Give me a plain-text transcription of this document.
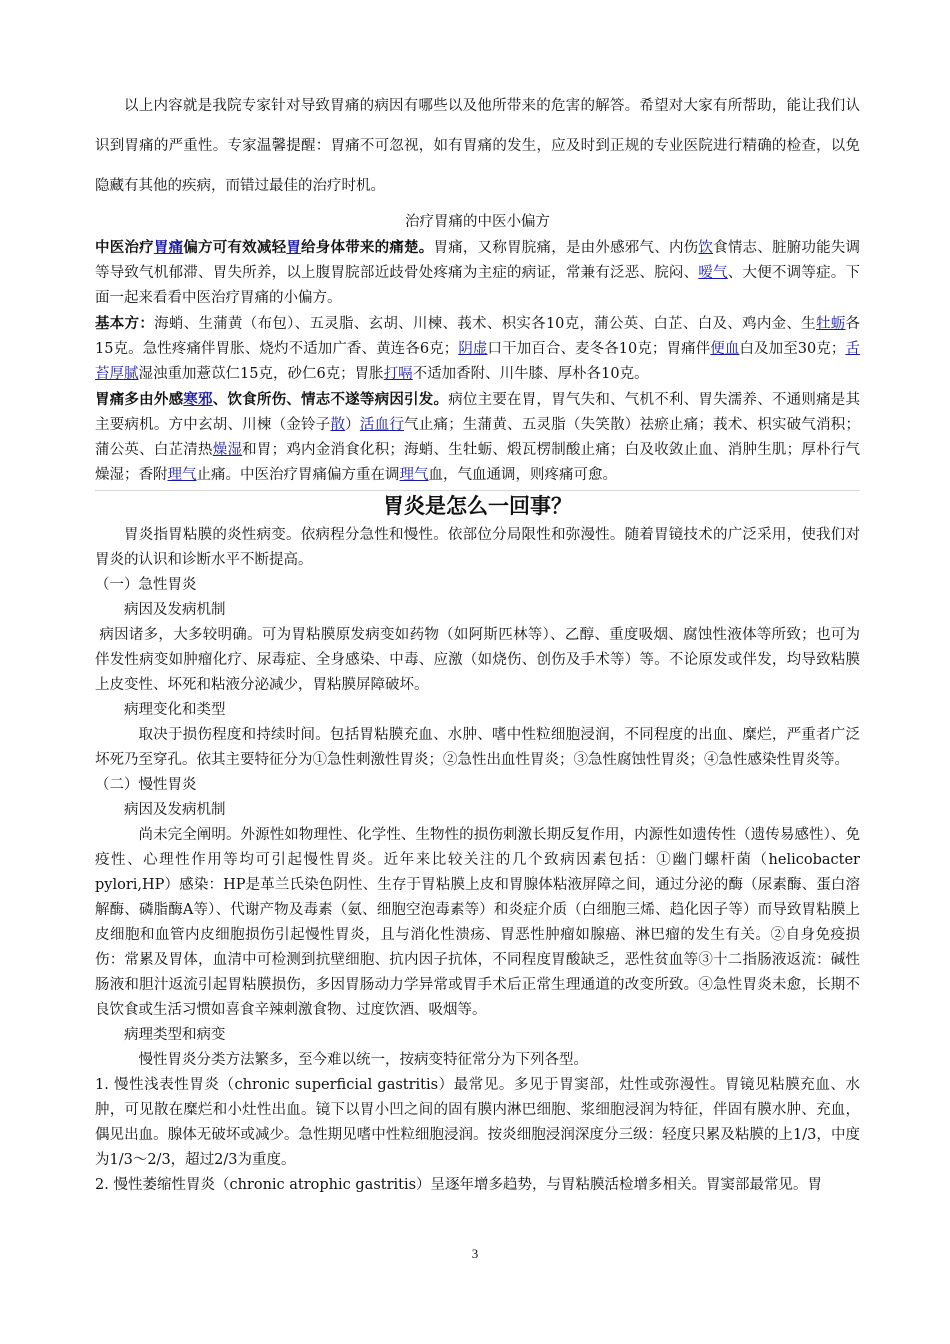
以上内容就是我院专家针对导致胃痛的病因有哪些以及他所带来的危害的解答。希望对大家有所帮助，能让我们认识到胃痛的严重性。专家温馨提醒：胃痛不可忽视，如有胃痛的发生，应及时到正规的专业医院进行精确的检查，以免隐藏有其他的疾病，而错过最佳的治疗时机。

治疗胃痛的中医小偏方

中医治疗胃痛偏方可有效减轻胃给身体带来的痛楚。胃痛，又称胃脘痛，是由外感邪气、内伤饮食情志、脏腑功能失调等导致气机郁滞、胃失所养，以上腹胃脘部近歧骨处疼痛为主症的病证，常兼有泛恶、脘闷、嗳气、大便不调等症。下面一起来看看中医治疗胃痛的小偏方。

基本方：海蛸、生蒲黄（布包）、五灵脂、玄胡、川楝、莪术、枳实各10克，蒲公英、白芷、白及、鸡内金、生牡蛎各15克。急性疼痛伴胃胀、烧灼不适加广香、黄连各6克；阴虚口干加百合、麦冬各10克；胃痛伴便血白及加至30克；舌苔厚腻湿浊重加薏苡仁15克，砂仁6克；胃胀打嗝不适加香附、川牛膝、厚朴各10克。

胃痛多由外感寒邪、饮食所伤、情志不遂等病因引发。病位主要在胃，胃气失和、气机不利、胃失濡养、不通则痛是其主要病机。方中玄胡、川楝（金铃子散）活血行气止痛；生蒲黄、五灵脂（失笑散）祛瘀止痛；莪术、枳实破气消积；蒲公英、白芷清热燥湿和胃；鸡内金消食化积；海蛸、生牡蛎、煅瓦楞制酸止痛；白及收敛止血、消肿生肌；厚朴行气燥湿；香附理气止痛。中医治疗胃痛偏方重在调理气血，气血通调，则疼痛可愈。

胃炎是怎么一回事？

胃炎指胃粘膜的炎性病变。依病程分急性和慢性。依部位分局限性和弥漫性。随着胃镜技术的广泛采用，使我们对胃炎的认识和诊断水平不断提高。

（一）急性胃炎

病因及发病机制

病因诸多，大多较明确。可为胃粘膜原发病变如药物（如阿斯匹林等）、乙醇、重度吸烟、腐蚀性液体等所致；也可为伴发性病变如肿瘤化疗、尿毒症、全身感染、中毒、应激（如烧伤、创伤及手术等）等。不论原发或伴发，均导致粘膜上皮变性、坏死和粘液分泌减少，胃粘膜屏障破坏。

病理变化和类型

取决于损伤程度和持续时间。包括胃粘膜充血、水肿、嗜中性粒细胞浸润，不同程度的出血、糜烂，严重者广泛坏死乃至穿孔。依其主要特征分为①急性刺激性胃炎；②急性出血性胃炎；③急性腐蚀性胃炎；④急性感染性胃炎等。

（二）慢性胃炎

病因及发病机制

尚未完全阐明。外源性如物理性、化学性、生物性的损伤刺激长期反复作用，内源性如遗传性（遗传易感性）、免疫性、心理性作用等均可引起慢性胃炎。近年来比较关注的几个致病因素包括：①幽门螺杆菌（helicobacter pylori,HP）感染：HP是革兰氏染色阴性、生存于胃粘膜上皮和胃腺体粘液屏障之间，通过分泌的酶（尿素酶、蛋白溶解酶、磷脂酶A等）、代谢产物及毒素（氨、细胞空泡毒素等）和炎症介质（白细胞三烯、趋化因子等）而导致胃粘膜上皮细胞和血管内皮细胞损伤引起慢性胃炎，且与消化性溃疡、胃恶性肿瘤如腺癌、淋巴瘤的发生有关。②自身免疫损伤：常累及胃体，血清中可检测到抗壁细胞、抗内因子抗体，不同程度胃酸缺乏，恶性贫血等③十二指肠液返流：碱性肠液和胆汁返流引起胃粘膜损伤，多因胃肠动力学异常或胃手术后正常生理通道的改变所致。④急性胃炎未愈，长期不良饮食或生活习惯如喜食辛辣刺激食物、过度饮酒、吸烟等。

病理类型和病变

慢性胃炎分类方法繁多，至今难以统一，按病变特征常分为下列各型。

1. 慢性浅表性胃炎（chronic superficial gastritis）最常见。多见于胃窦部，灶性或弥漫性。胃镜见粘膜充血、水肿，可见散在糜烂和小灶性出血。镜下以胃小凹之间的固有膜内淋巴细胞、浆细胞浸润为特征，伴固有膜水肿、充血，偶见出血。腺体无破坏或减少。急性期见嗜中性粒细胞浸润。按炎细胞浸润深度分三级：轻度只累及粘膜的上1/3，中度为1/3～2/3，超过2/3为重度。

2. 慢性萎缩性胃炎（chronic atrophic gastritis）呈逐年增多趋势，与胃粘膜活检增多相关。胃窦部最常见。胃

3
